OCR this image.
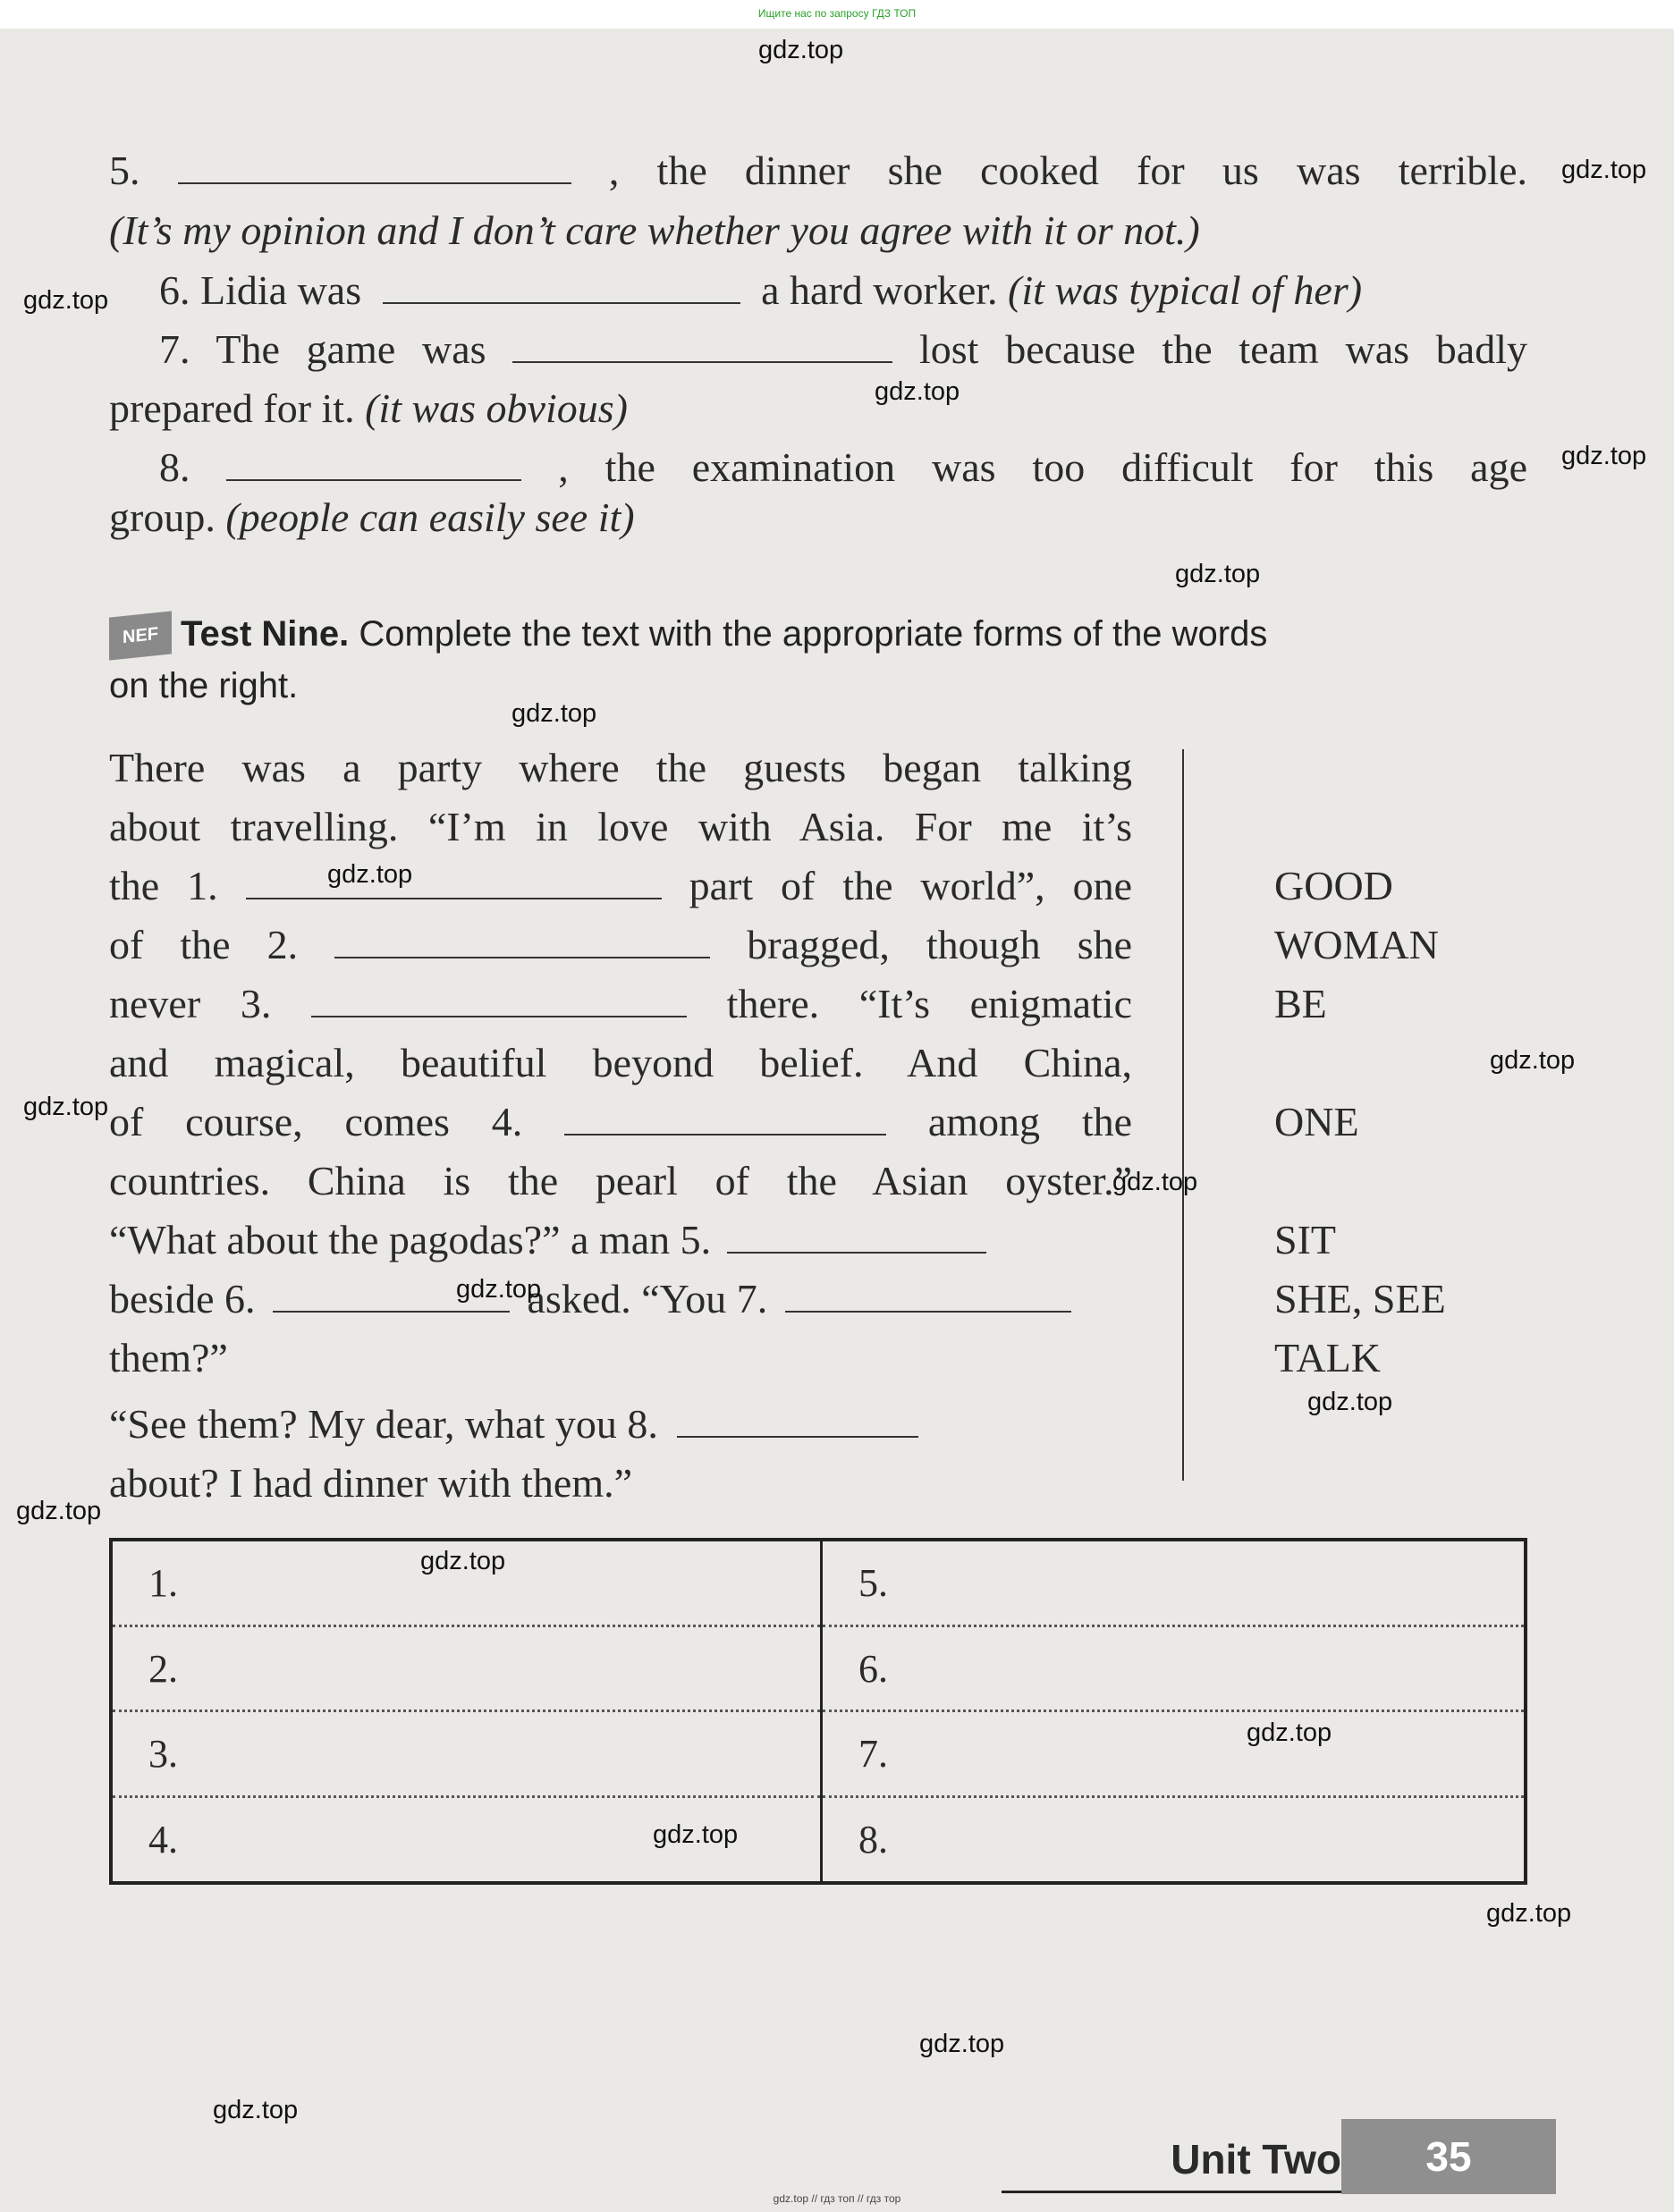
Ищите нас по запросу ГДЗ ТОП
5.	, the dinner she cooked for us was terrible.
(It’s my opinion and I don’t care whether you agree with it or not.)
6. Lidia was	a hard worker. (it was typical of her)
7. The game was	lost because the team was badly
prepared for it. (it was obvious)
8.	, the examination was too difficult for this age
group. (people can easily see it)
NEF Test Nine. Complete the text with the appropriate forms of the words
on the right.
There was a party where the guests began talking
about travelling. “I’m in love with Asia. For me it’s
the 1.	part of the world”, one
of the 2.	bragged, though she
never 3.	there. “It’s enigmatic
and magical, beautiful beyond belief. And China,
of course, comes 4.	among the
countries. China is the pearl of the Asian oyster.”
“What about the pagodas?” a man 5.
beside 6.	asked. “You 7.
them?”
“See them? My dear, what you 8.
about? I had dinner with them.”
GOOD
WOMAN
BE
ONE
SIT
SHE, SEE
TALK
1.	5.
2.	6.
3.	7.
4.	8.
gdz.top
gdz.top
gdz.top
gdz.top
gdz.top
gdz.top
gdz.top
gdz.top
gdz.top
gdz.top
gdz.top
gdz.top
gdz.top
gdz.top
gdz.top
gdz.top
gdz.top
gdz.top
gdz.top
gdz.top
Unit Two	35
gdz.top // гдз топ // гдз тор
